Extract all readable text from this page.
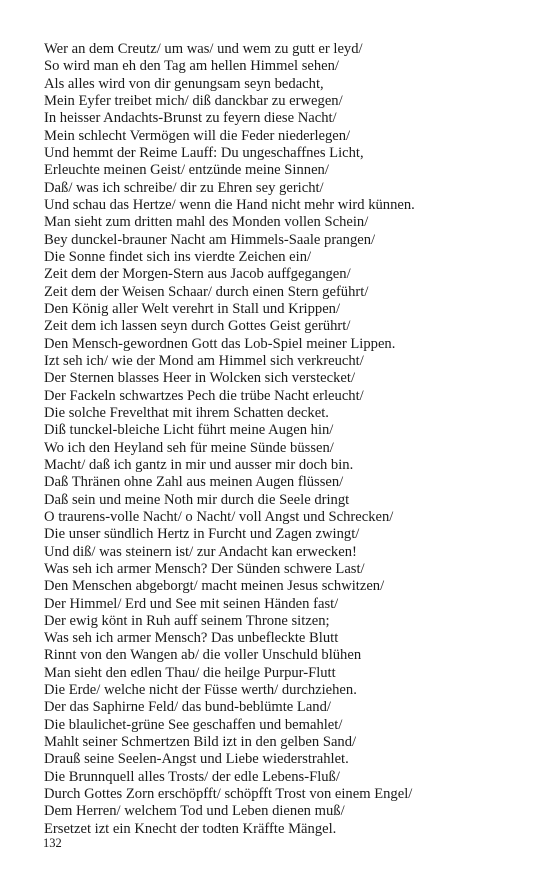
Wer an dem Creutz/ um was/ und wem zu gutt er leyd/
So wird man eh den Tag am hellen Himmel sehen/
Als alles wird von dir genungsam seyn bedacht,
Mein Eyfer treibet mich/ diß danckbar zu erwegen/
In heisser Andachts-Brunst zu feyern diese Nacht/
Mein schlecht Vermögen will die Feder niederlegen/
Und hemmt der Reime Lauff: Du ungeschaffnes Licht,
Erleuchte meinen Geist/ entzünde meine Sinnen/
Daß/ was ich schreibe/ dir zu Ehren sey gericht/
Und schau das Hertze/ wenn die Hand nicht mehr wird künnen.
Man sieht zum dritten mahl des Monden vollen Schein/
Bey dunckel-brauner Nacht am Himmels-Saale prangen/
Die Sonne findet sich ins vierdte Zeichen ein/
Zeit dem der Morgen-Stern aus Jacob auffgegangen/
Zeit dem der Weisen Schaar/ durch einen Stern geführt/
Den König aller Welt verehrt in Stall und Krippen/
Zeit dem ich lassen seyn durch Gottes Geist gerührt/
Den Mensch-gewordnen Gott das Lob-Spiel meiner Lippen.
Izt seh ich/ wie der Mond am Himmel sich verkreucht/
Der Sternen blasses Heer in Wolcken sich verstecket/
Der Fackeln schwartzes Pech die trübe Nacht erleucht/
Die solche Frevelthat mit ihrem Schatten decket.
Diß tunckel-bleiche Licht führt meine Augen hin/
Wo ich den Heyland seh für meine Sünde büssen/
Macht/ daß ich gantz in mir und ausser mir doch bin.
Daß Thränen ohne Zahl aus meinen Augen flüssen/
Daß sein und meine Noth mir durch die Seele dringt
O traurens-volle Nacht/ o Nacht/ voll Angst und Schrecken/
Die unser sündlich Hertz in Furcht und Zagen zwingt/
Und diß/ was steinern ist/ zur Andacht kan erwecken!
Was seh ich armer Mensch? Der Sünden schwere Last/
Den Menschen abgeborgt/ macht meinen Jesus schwitzen/
Der Himmel/ Erd und See mit seinen Händen fast/
Der ewig könt in Ruh auff seinem Throne sitzen;
Was seh ich armer Mensch? Das unbefleckte Blutt
Rinnt von den Wangen ab/ die voller Unschuld blühen
Man sieht den edlen Thau/ die heilge Purpur-Flutt
Die Erde/ welche nicht der Füsse werth/ durchziehen.
Der das Saphirne Feld/ das bund-beblümte Land/
Die blaulichet-grüne See geschaffen und bemahlet/
Mahlt seiner Schmertzen Bild izt in den gelben Sand/
Drauß seine Seelen-Angst und Liebe wiederstrahlet.
Die Brunnquell alles Trosts/ der edle Lebens-Fluß/
Durch Gottes Zorn erschöpfft/ schöpfft Trost von einem Engel/
Dem Herren/ welchem Tod und Leben dienen muß/
Ersetzet izt ein Knecht der todten Kräffte Mängel.
132
